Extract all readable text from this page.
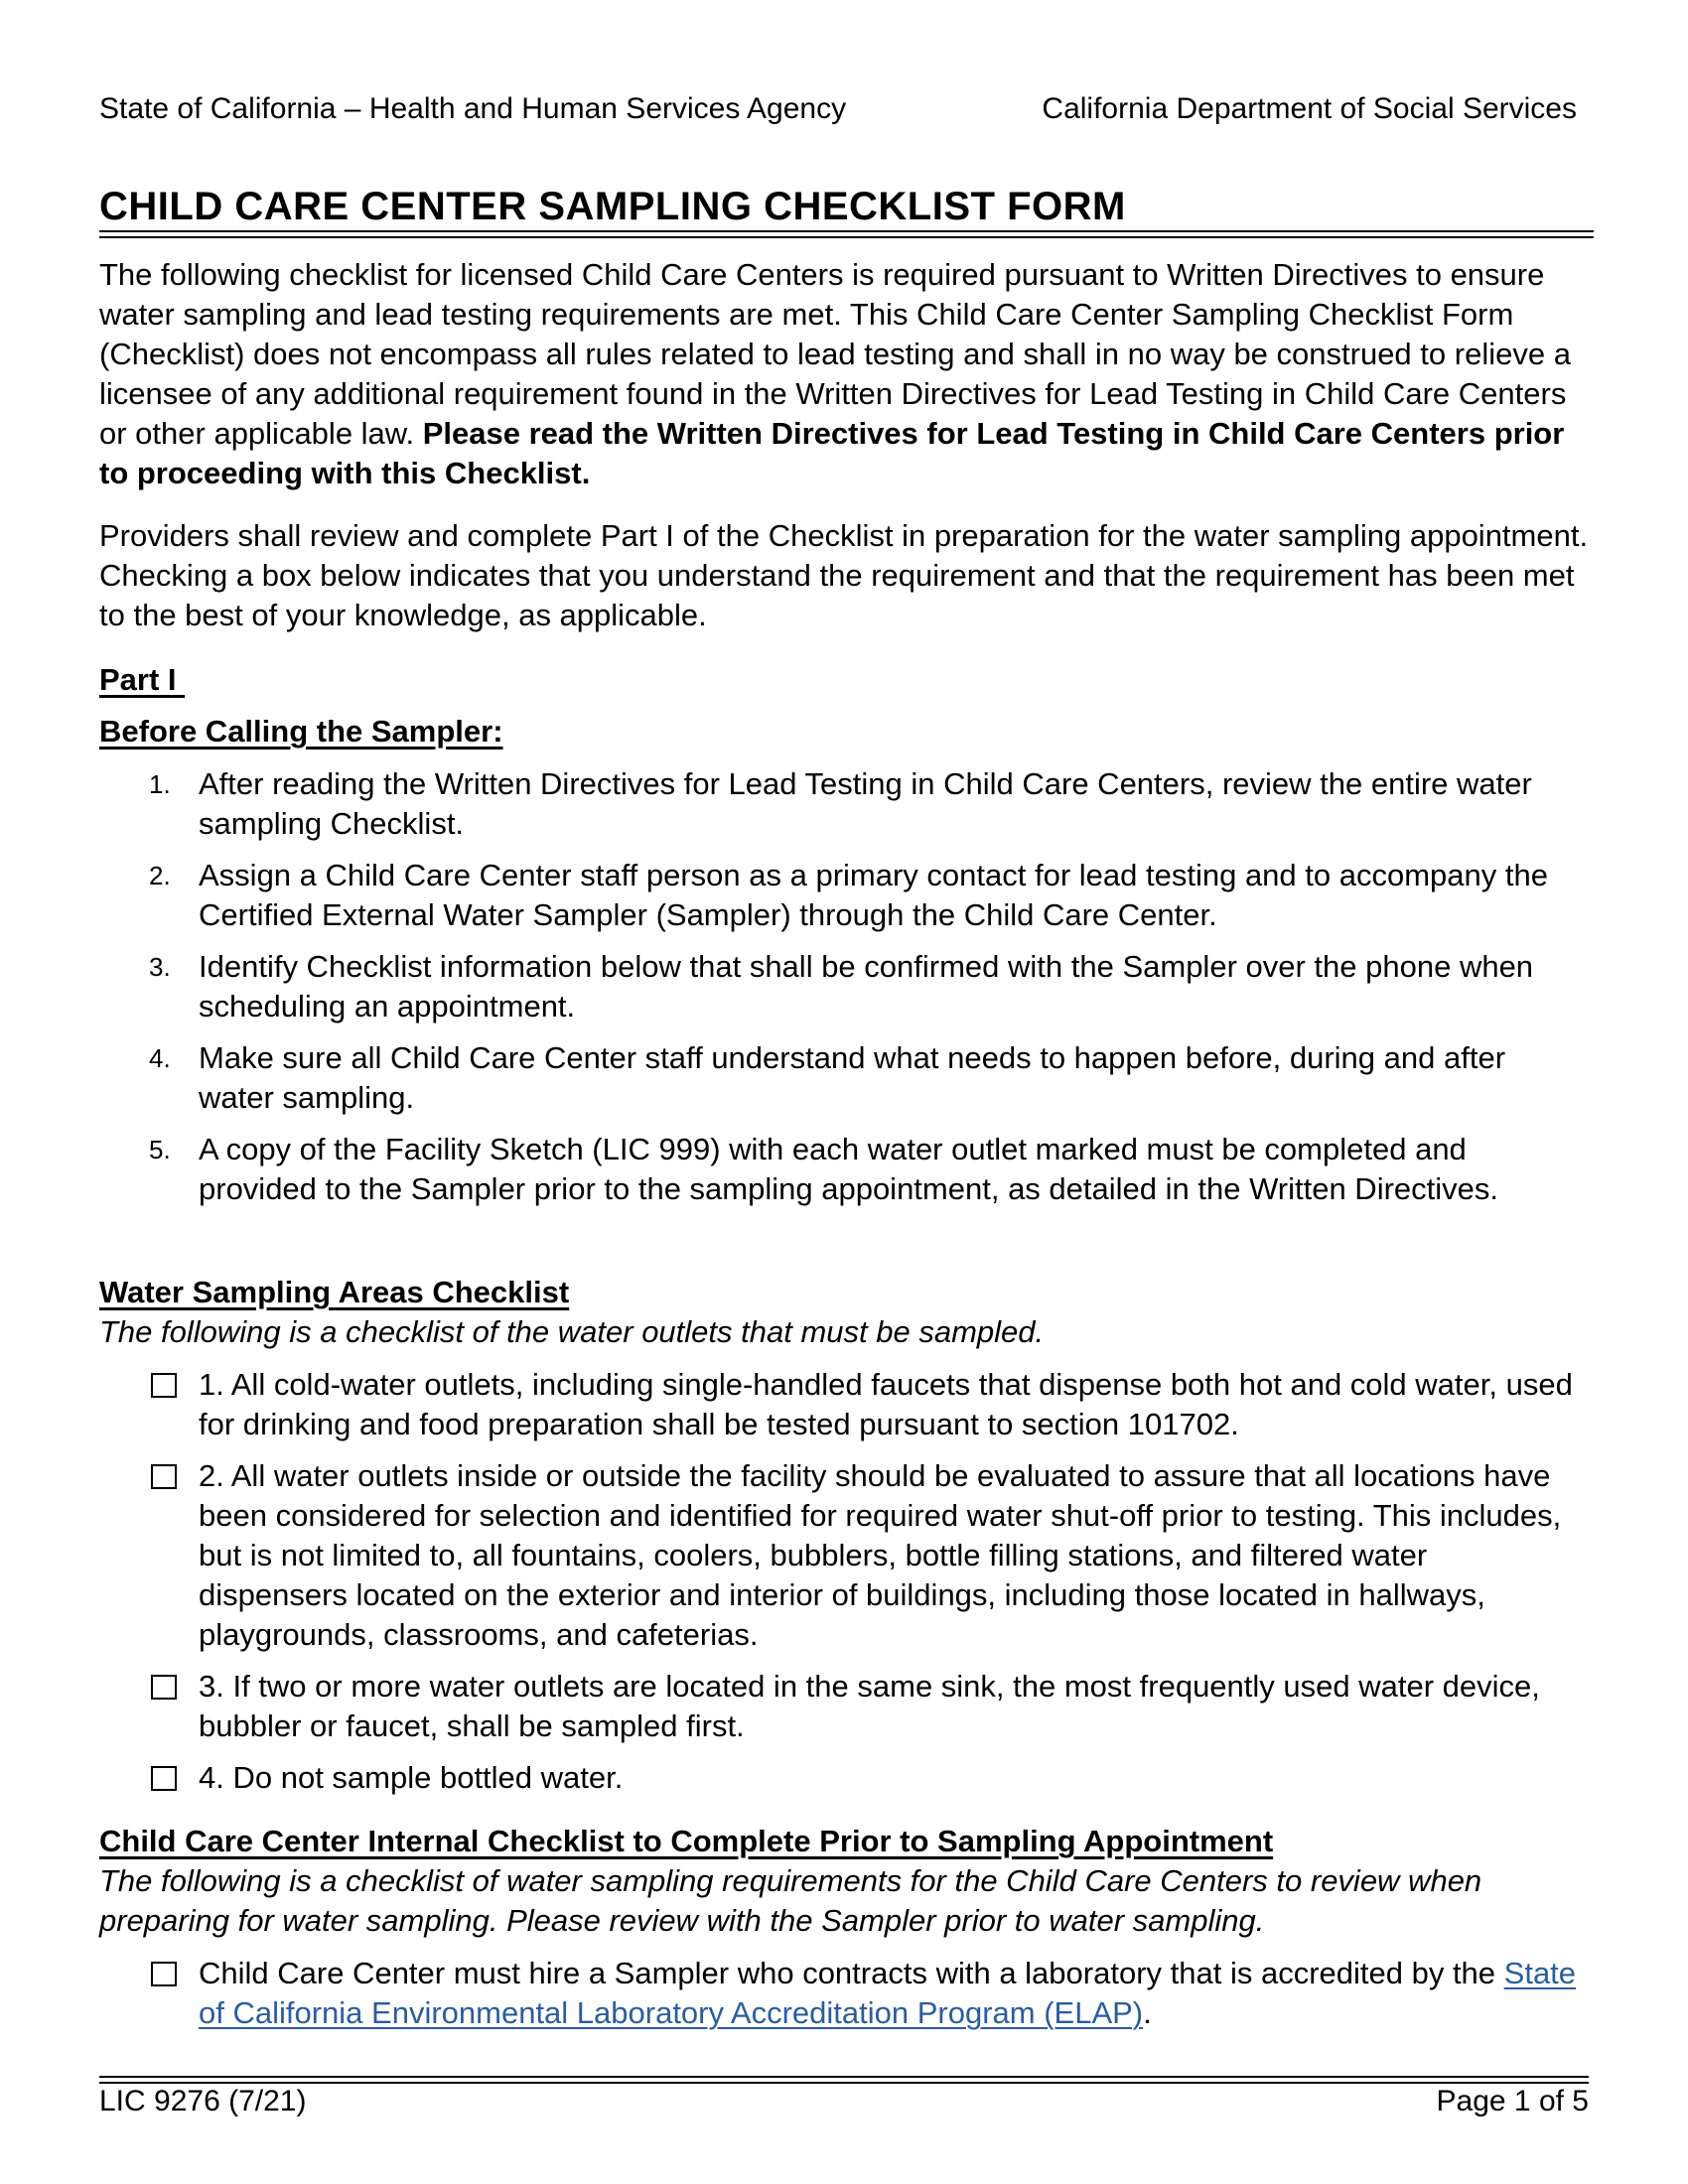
State of California – Health and Human Services Agency	California Department of Social Services
CHILD CARE CENTER SAMPLING CHECKLIST FORM

The following checklist for licensed Child Care Centers is required pursuant to Written Directives to ensure water sampling and lead testing requirements are met. This Child Care Center Sampling Checklist Form (Checklist) does not encompass all rules related to lead testing and shall in no way be construed to relieve a licensee of any additional requirement found in the Written Directives for Lead Testing in Child Care Centers or other applicable law. Please read the Written Directives for Lead Testing in Child Care Centers prior to proceeding with this Checklist.

Providers shall review and complete Part I of the Checklist in preparation for the water sampling appointment. Checking a box below indicates that you understand the requirement and that the requirement has been met to the best of your knowledge, as applicable.

Part I
Before Calling the Sampler:
1. After reading the Written Directives for Lead Testing in Child Care Centers, review the entire water sampling Checklist.
2. Assign a Child Care Center staff person as a primary contact for lead testing and to accompany the Certified External Water Sampler (Sampler) through the Child Care Center.
3. Identify Checklist information below that shall be confirmed with the Sampler over the phone when scheduling an appointment.
4. Make sure all Child Care Center staff understand what needs to happen before, during and after water sampling.
5. A copy of the Facility Sketch (LIC 999) with each water outlet marked must be completed and provided to the Sampler prior to the sampling appointment, as detailed in the Written Directives.
Water Sampling Areas Checklist

The following is a checklist of the water outlets that must be sampled.

1. All cold-water outlets, including single-handled faucets that dispense both hot and cold water, used for drinking and food preparation shall be tested pursuant to section 101702.
2. All water outlets inside or outside the facility should be evaluated to assure that all locations have been considered for selection and identified for required water shut-off prior to testing. This includes, but is not limited to, all fountains, coolers, bubblers, bottle filling stations, and filtered water dispensers located on the exterior and interior of buildings, including those located in hallways, playgrounds, classrooms, and cafeterias.
3. If two or more water outlets are located in the same sink, the most frequently used water device, bubbler or faucet, shall be sampled first.
4. Do not sample bottled water.
Child Care Center Internal Checklist to Complete Prior to Sampling Appointment

The following is a checklist of water sampling requirements for the Child Care Centers to review when preparing for water sampling. Please review with the Sampler prior to water sampling.

Child Care Center must hire a Sampler who contracts with a laboratory that is accredited by the State of California Environmental Laboratory Accreditation Program (ELAP).
LIC 9276 (7/21)	Page 1 of 5
